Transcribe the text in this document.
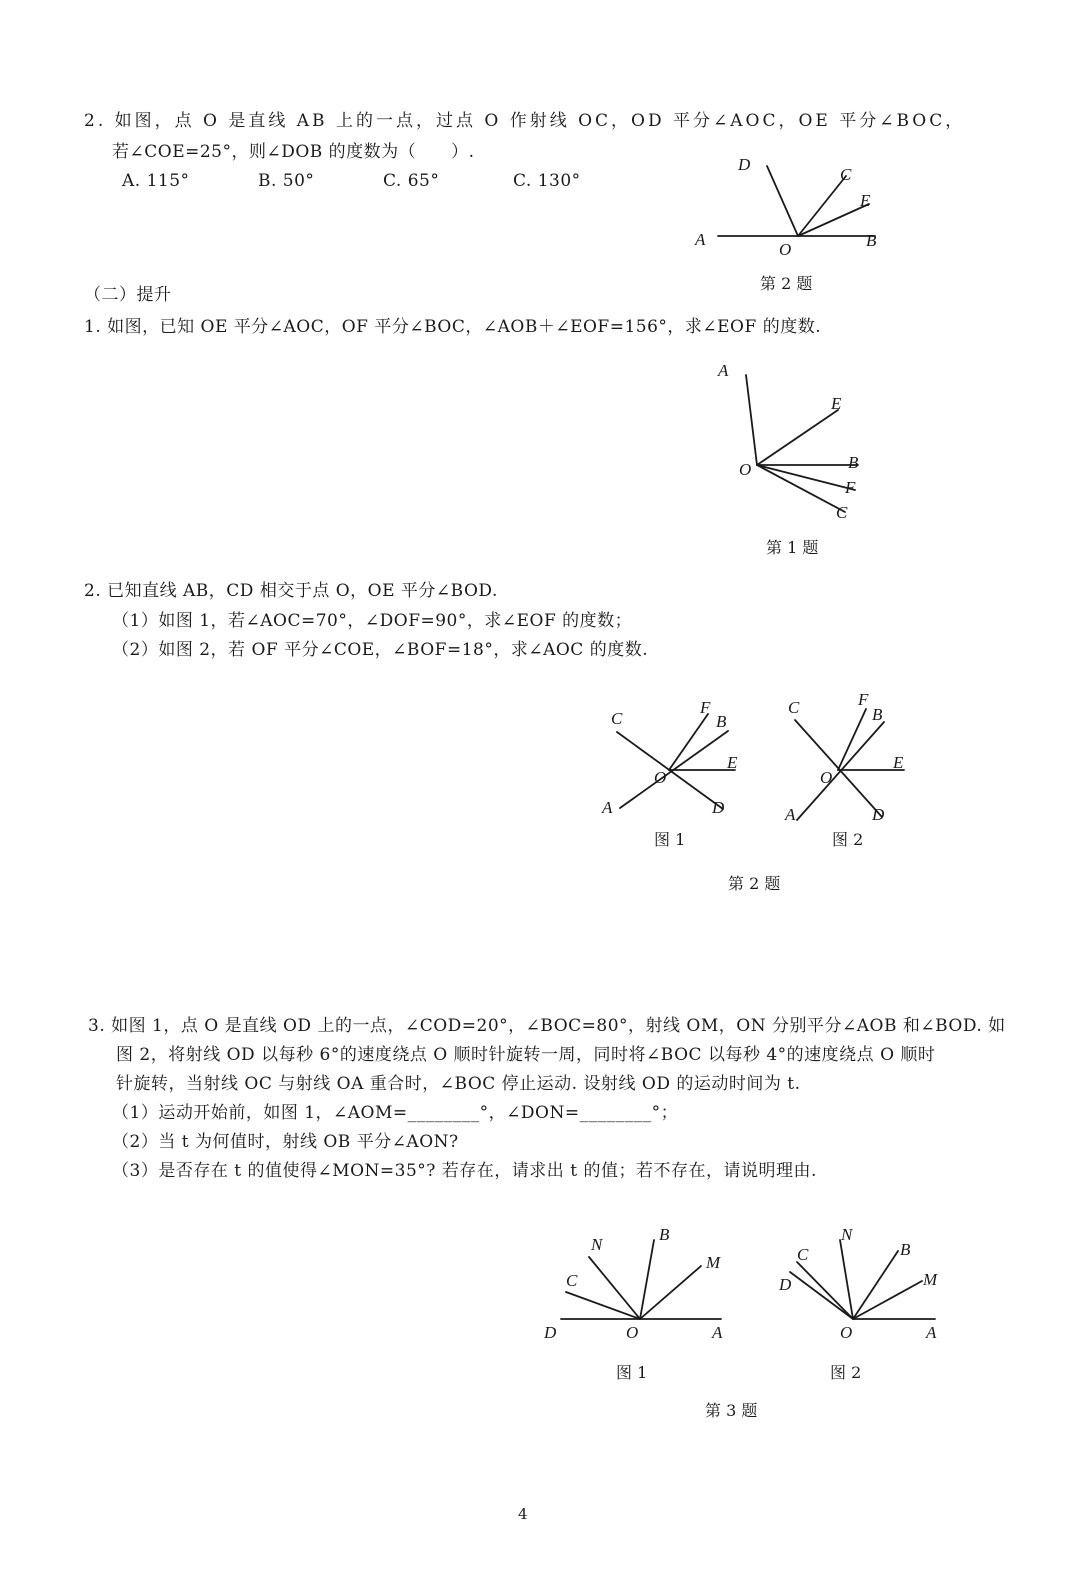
2. 如图，点 O 是直线 AB 上的一点，过点 O 作射线 OC，OD 平分∠AOC，OE 平分∠BOC，
若∠COE=25°，则∠DOB 的度数为（　　）.
A. 115°	B. 50°	C. 65°	C. 130°
A
O	B
D
C
E
第 2 题
（二）提升
1. 如图，已知 OE 平分∠AOC，OF 平分∠BOC，∠AOB＋∠EOF=156°，求∠EOF 的度数.
A
E
O	B
F
C
第 1 题
2. 已知直线 AB，CD 相交于点 O，OE 平分∠BOD.
（1）如图 1，若∠AOC=70°，∠DOF=90°，求∠EOF 的度数；
（2）如图 2，若 OF 平分∠COE，∠BOF=18°，求∠AOC 的度数.
C
F
B
E
O
A	D
图 1
C	F
B
E
O
A	D
图 2
第 2 题
3. 如图 1，点 O 是直线 OD 上的一点，∠COD=20°，∠BOC=80°，射线 OM，ON 分别平分∠AOB 和∠BOD. 如
图 2，将射线 OD 以每秒 6°的速度绕点 O 顺时针旋转一周，同时将∠BOC 以每秒 4°的速度绕点 O 顺时
针旋转，当射线 OC 与射线 OA 重合时，∠BOC 停止运动. 设射线 OD 的运动时间为 t.
（1）运动开始前，如图 1，∠AOM=________°，∠DON=________°；
（2）当 t 为何值时，射线 OB 平分∠AON?
（3）是否存在 t 的值使得∠MON=35°? 若存在，请求出 t 的值；若不存在，请说明理由.
D	O	A
C
N
B
M
图 1
O	A
D
C
N
B
M
图 2
第 3 题
4
